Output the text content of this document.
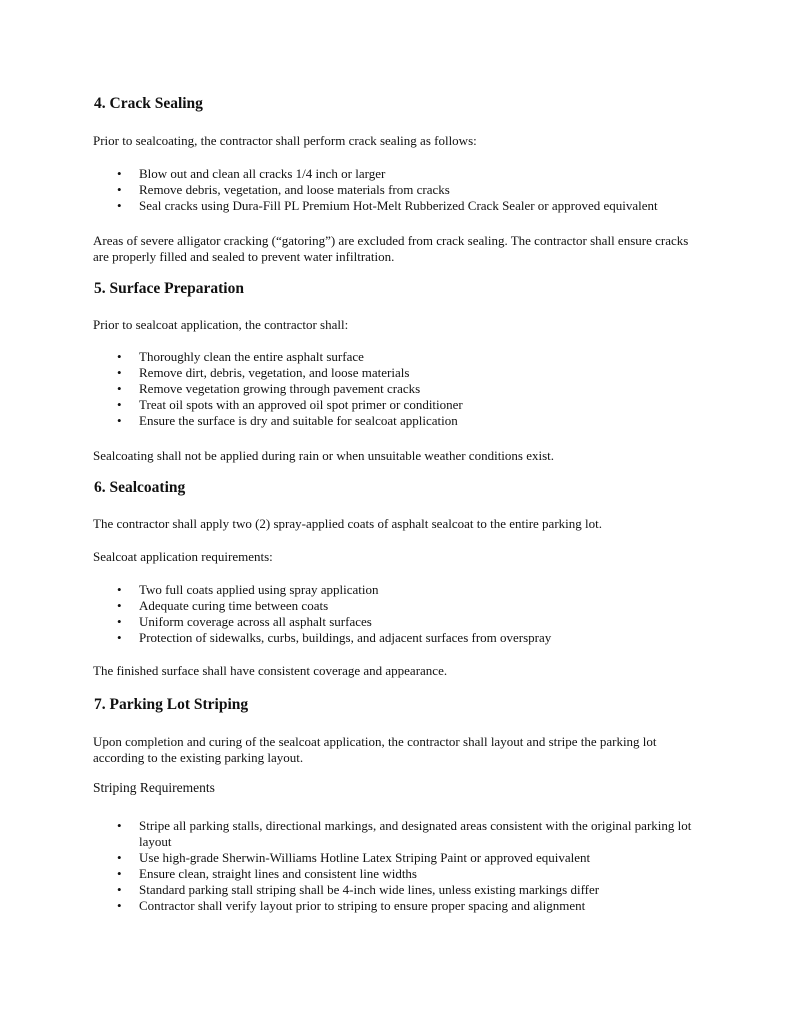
4. Crack Sealing

Prior to sealcoating, the contractor shall perform crack sealing as follows:

• Blow out and clean all cracks 1/4 inch or larger
• Remove debris, vegetation, and loose materials from cracks
• Seal cracks using Dura-Fill PL Premium Hot-Melt Rubberized Crack Sealer or approved equivalent

Areas of severe alligator cracking (“gatoring”) are excluded from crack sealing. The contractor shall ensure cracks are properly filled and sealed to prevent water infiltration.

5. Surface Preparation

Prior to sealcoat application, the contractor shall:

• Thoroughly clean the entire asphalt surface
• Remove dirt, debris, vegetation, and loose materials
• Remove vegetation growing through pavement cracks
• Treat oil spots with an approved oil spot primer or conditioner
• Ensure the surface is dry and suitable for sealcoat application

Sealcoating shall not be applied during rain or when unsuitable weather conditions exist.

6. Sealcoating

The contractor shall apply two (2) spray-applied coats of asphalt sealcoat to the entire parking lot.

Sealcoat application requirements:

• Two full coats applied using spray application
• Adequate curing time between coats
• Uniform coverage across all asphalt surfaces
• Protection of sidewalks, curbs, buildings, and adjacent surfaces from overspray

The finished surface shall have consistent coverage and appearance.

7. Parking Lot Striping

Upon completion and curing of the sealcoat application, the contractor shall layout and stripe the parking lot according to the existing parking layout.

Striping Requirements

• Stripe all parking stalls, directional markings, and designated areas consistent with the original parking lot layout
• Use high-grade Sherwin-Williams Hotline Latex Striping Paint or approved equivalent
• Ensure clean, straight lines and consistent line widths
• Standard parking stall striping shall be 4-inch wide lines, unless existing markings differ
• Contractor shall verify layout prior to striping to ensure proper spacing and alignment
